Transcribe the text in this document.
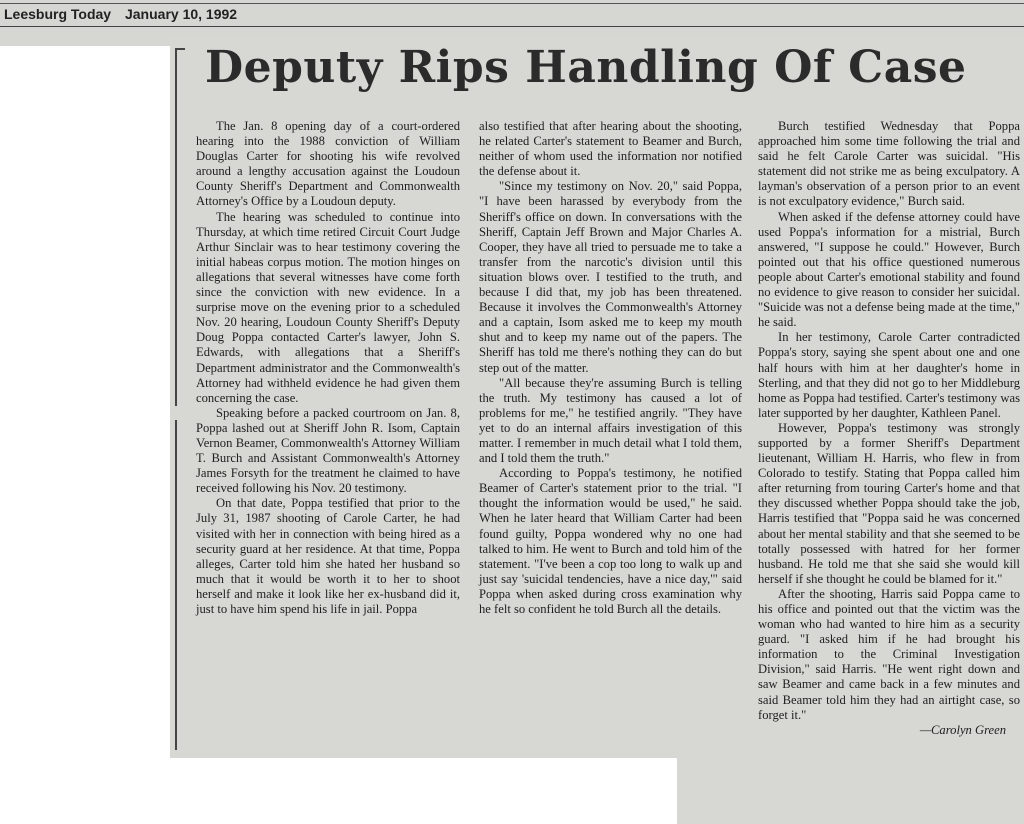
Leesburg Today January 10, 1992
Deputy Rips Handling Of Case

The Jan. 8 opening day of a court-ordered hearing into the 1988 conviction of William Douglas Carter for shooting his wife revolved around a lengthy accusation against the Loudoun County Sheriff's Department and Commonwealth Attorney's Office by a Loudoun deputy.

The hearing was scheduled to continue into Thursday, at which time retired Circuit Court Judge Arthur Sinclair was to hear testimony covering the initial habeas corpus motion. The motion hinges on allegations that several witnesses have come forth since the conviction with new evidence. In a surprise move on the evening prior to a scheduled Nov. 20 hearing, Loudoun County Sheriff's Deputy Doug Poppa contacted Carter's lawyer, John S. Edwards, with allegations that a Sheriff's Department administrator and the Commonwealth's Attorney had withheld evidence he had given them concerning the case.

Speaking before a packed courtroom on Jan. 8, Poppa lashed out at Sheriff John R. Isom, Captain Vernon Beamer, Commonwealth's Attorney William T. Burch and Assistant Commonwealth's Attorney James Forsyth for the treatment he claimed to have received following his Nov. 20 testimony.

On that date, Poppa testified that prior to the July 31, 1987 shooting of Carole Carter, he had visited with her in connection with being hired as a security guard at her residence. At that time, Poppa alleges, Carter told him she hated her husband so much that it would be worth it to her to shoot herself and make it look like her ex-husband did it, just to have him spend his life in jail. Poppa

also testified that after hearing about the shooting, he related Carter's statement to Beamer and Burch, neither of whom used the information nor notified the defense about it.

"Since my testimony on Nov. 20," said Poppa, "I have been harassed by everybody from the Sheriff's office on down. In conversations with the Sheriff, Captain Jeff Brown and Major Charles A. Cooper, they have all tried to persuade me to take a transfer from the narcotic's division until this situation blows over. I testified to the truth, and because I did that, my job has been threatened. Because it involves the Commonwealth's Attorney and a captain, Isom asked me to keep my mouth shut and to keep my name out of the papers. The Sheriff has told me there's nothing they can do but step out of the matter.

"All because they're assuming Burch is telling the truth. My testimony has caused a lot of problems for me," he testified angrily. "They have yet to do an internal affairs investigation of this matter. I remember in much detail what I told them, and I told them the truth."

According to Poppa's testimony, he notified Beamer of Carter's statement prior to the trial. "I thought the information would be used," he said. When he later heard that William Carter had been found guilty, Poppa wondered why no one had talked to him. He went to Burch and told him of the statement. "I've been a cop too long to walk up and just say 'suicidal tendencies, have a nice day,'" said Poppa when asked during cross examination why he felt so confident he told Burch all the details.

Burch testified Wednesday that Poppa approached him some time following the trial and said he felt Carole Carter was suicidal. "His statement did not strike me as being exculpatory. A layman's observation of a person prior to an event is not exculpatory evidence," Burch said.

When asked if the defense attorney could have used Poppa's information for a mistrial, Burch answered, "I suppose he could." However, Burch pointed out that his office questioned numerous people about Carter's emotional stability and found no evidence to give reason to consider her suicidal. "Suicide was not a defense being made at the time," he said.

In her testimony, Carole Carter contradicted Poppa's story, saying she spent about one and one half hours with him at her daughter's home in Sterling, and that they did not go to her Middleburg home as Poppa had testified. Carter's testimony was later supported by her daughter, Kathleen Panel.

However, Poppa's testimony was strongly supported by a former Sheriff's Department lieutenant, William H. Harris, who flew in from Colorado to testify. Stating that Poppa called him after returning from touring Carter's home and that they discussed whether Poppa should take the job, Harris testified that "Poppa said he was concerned about her mental stability and that she seemed to be totally possessed with hatred for her former husband. He told me that she said she would kill herself if she thought he could be blamed for it."

After the shooting, Harris said Poppa came to his office and pointed out that the victim was the woman who had wanted to hire him as a security guard. "I asked him if he had brought his information to the Criminal Investigation Division," said Harris. "He went right down and saw Beamer and came back in a few minutes and said Beamer told him they had an airtight case, so forget it."

—Carolyn Green
